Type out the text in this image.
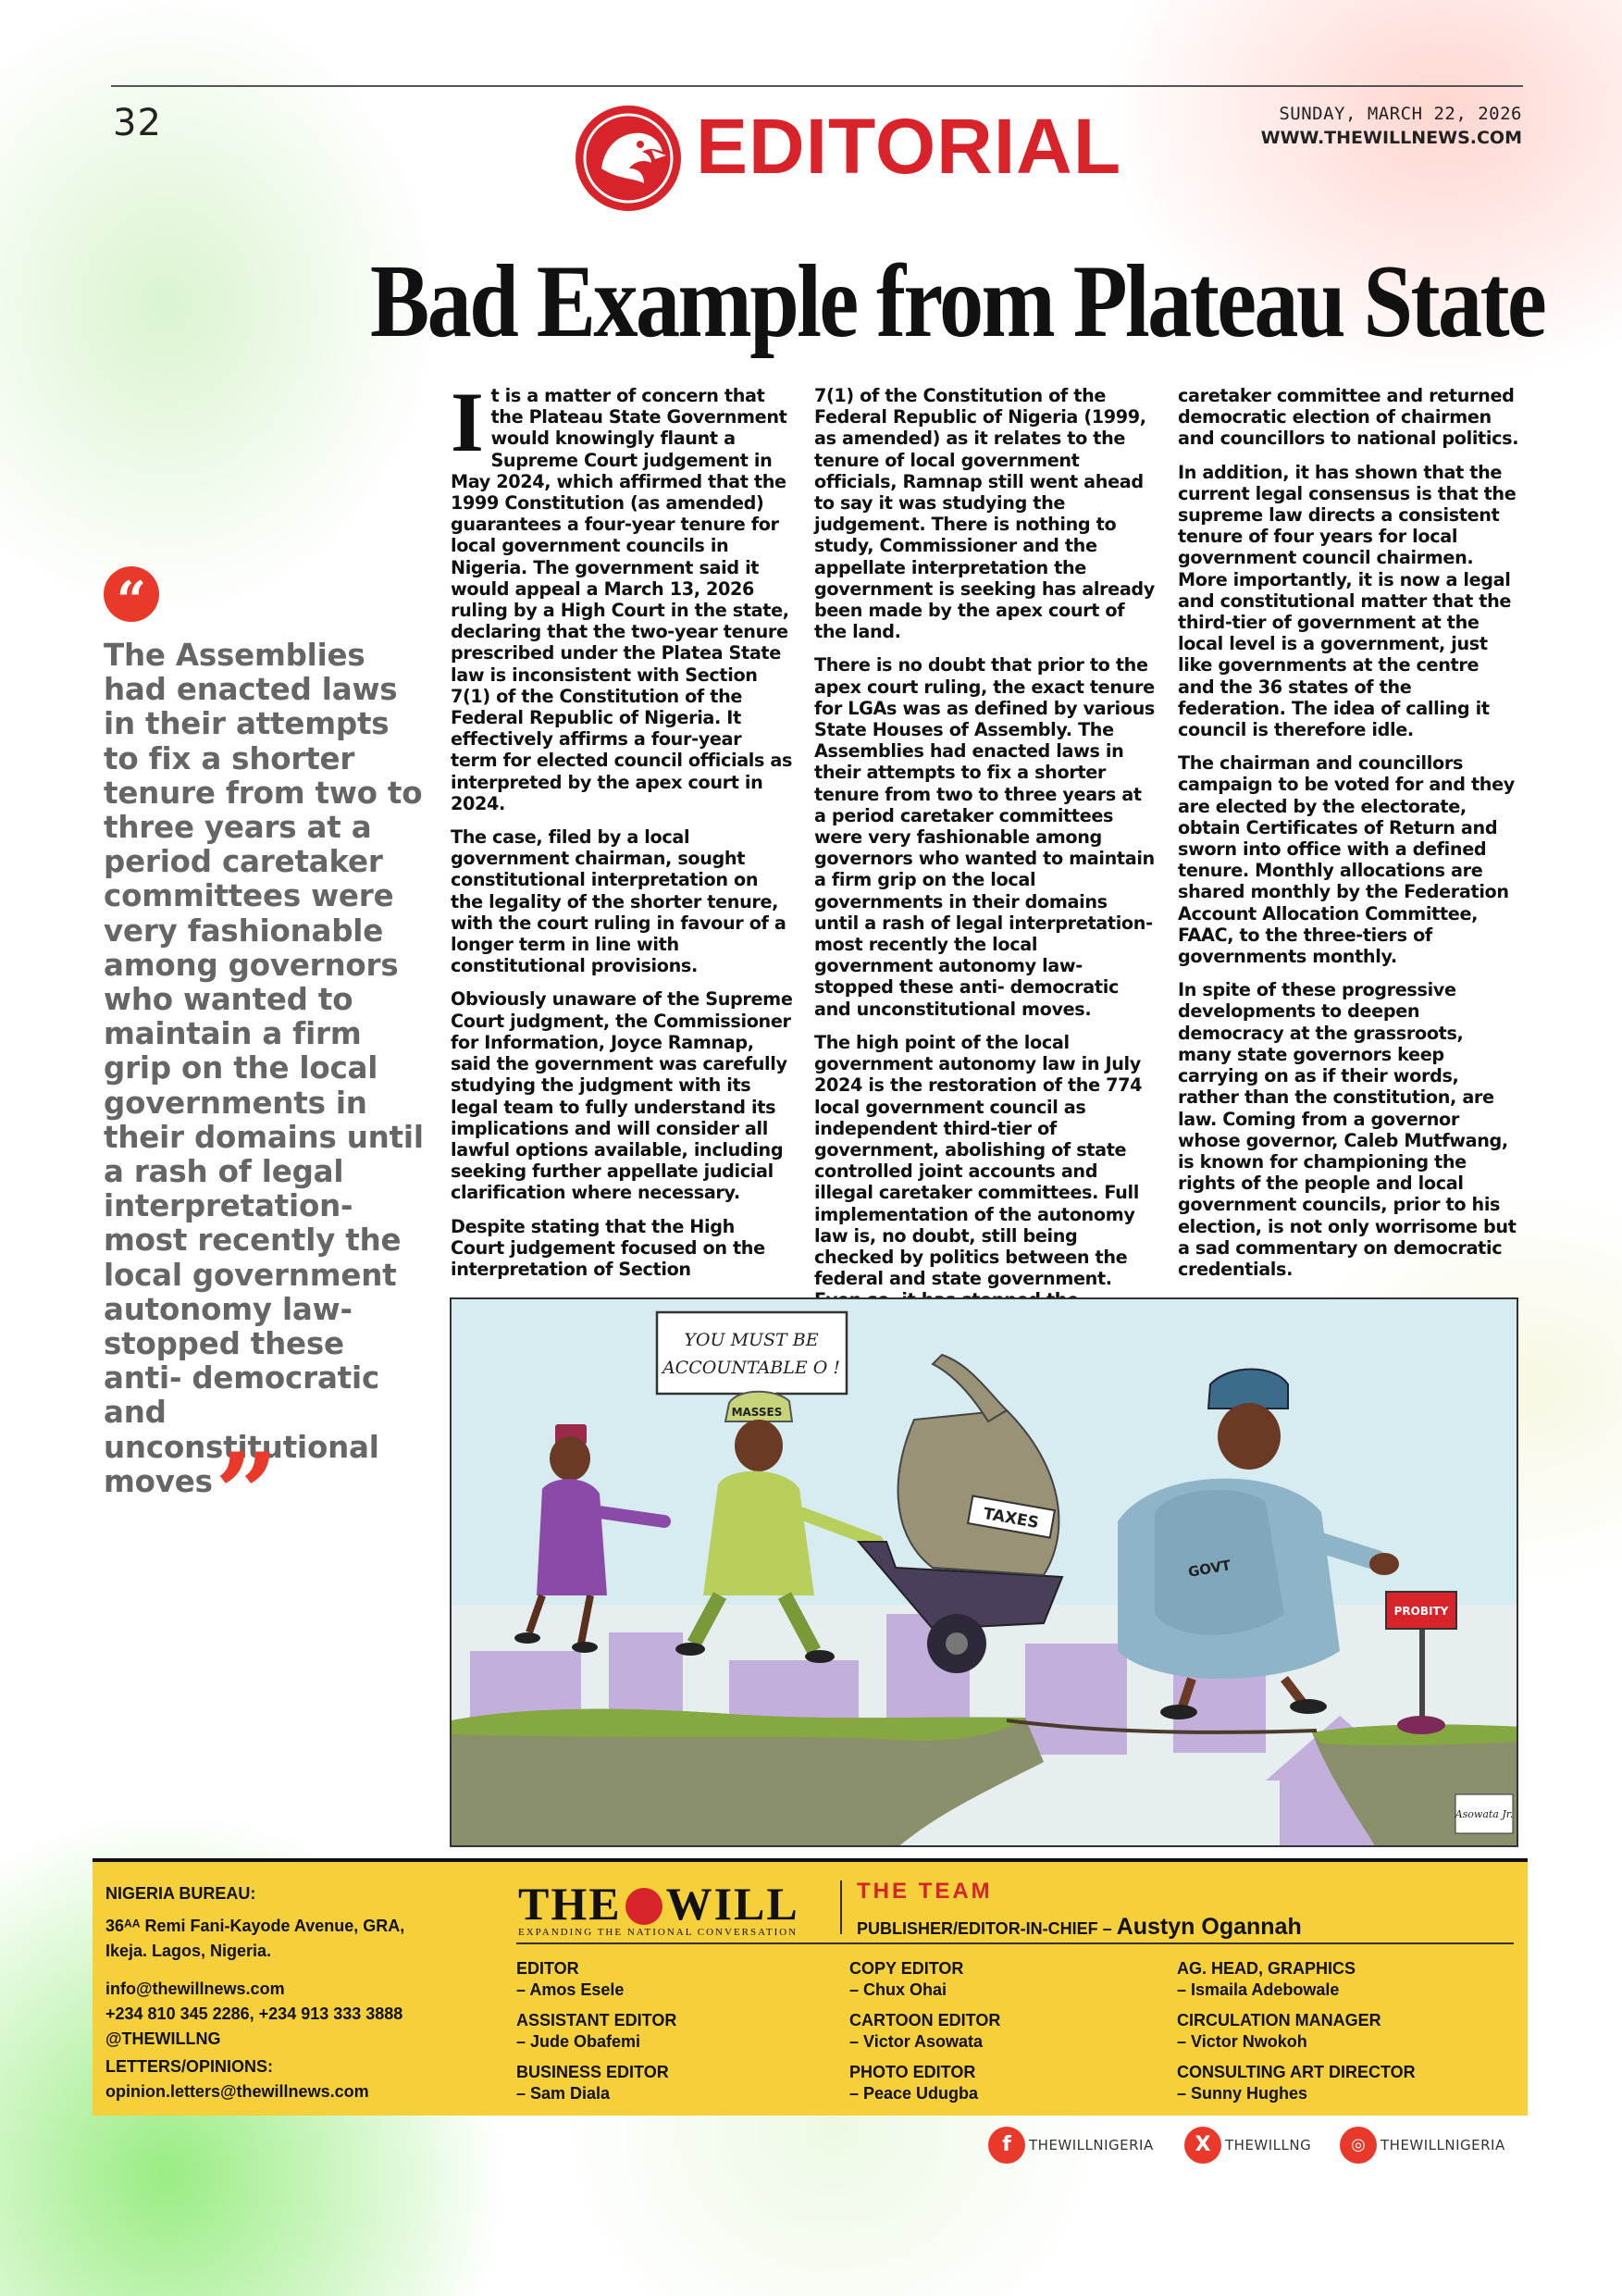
32	SUNDAY, MARCH 22, 2026
WWW.THEWILLNEWS.COM
EDITORIAL
Bad Example from Plateau State
“
The Assemblies had enacted laws in their attempts to fix a shorter tenure from two to three years at a period caretaker committees were very fashionable among governors who wanted to maintain a firm grip on the local governments in their domains until a rash of legal interpretation- most recently the local government autonomy law- stopped these anti- democratic and unconstitutional moves ”

It is a matter of concern that the Plateau State Government would knowingly flaunt a Supreme Court judgement in May 2024, which affirmed that the 1999 Constitution (as amended) guarantees a four-year tenure for local government councils in Nigeria. The government said it would appeal a March 13, 2026 ruling by a High Court in the state, declaring that the two-year tenure prescribed under the Platea State law is inconsistent with Section 7(1) of the Constitution of the Federal Republic of Nigeria. It effectively affirms a four-year term for elected council officials as interpreted by the apex court in 2024.

The case, filed by a local government chairman, sought constitutional interpretation on the legality of the shorter tenure, with the court ruling in favour of a longer term in line with constitutional provisions.

Obviously unaware of the Supreme Court judgment, the Commissioner for Information, Joyce Ramnap, said the government was carefully studying the judgment with its legal team to fully understand its implications and will consider all lawful options available, including seeking further appellate judicial clarification where necessary.

Despite stating that the High Court judgement focused on the interpretation of Section

7(1) of the Constitution of the Federal Republic of Nigeria (1999, as amended) as it relates to the tenure of local government officials, Ramnap still went ahead to say it was studying the judgement. There is nothing to study, Commissioner and the appellate interpretation the government is seeking has already been made by the apex court of the land.

There is no doubt that prior to the apex court ruling, the exact tenure for LGAs was as defined by various State Houses of Assembly. The Assemblies had enacted laws in their attempts to fix a shorter tenure from two to three years at a period caretaker committees were very fashionable among governors who wanted to maintain a firm grip on the local governments in their domains until a rash of legal interpretation- most recently the local government autonomy law- stopped these anti- democratic and unconstitutional moves.

The high point of the local government autonomy law in July 2024 is the restoration of the 774 local government council as independent third-tier of government, abolishing of state controlled joint accounts and illegal caretaker committees. Full implementation of the autonomy law is, no doubt, still being checked by politics between the federal and state government.

caretaker committee and returned democratic election of chairmen and councillors to national politics.

In addition, it has shown that the current legal consensus is that the supreme law directs a consistent tenure of four years for local government council chairmen. More importantly, it is now a legal and constitutional matter that the third-tier of government at the local level is a government, just like governments at the centre and the 36 states of the federation. The idea of calling it council is therefore idle.

The chairman and councillors campaign to be voted for and they are elected by the electorate, obtain Certificates of Return and sworn into office with a defined tenure. Monthly allocations are shared monthly by the Federation Account Allocation Committee, FAAC, to the three-tiers of governments monthly.

In spite of these progressive developments to deepen democracy at the grassroots, many state governors keep carrying on as if their words, rather than the constitution, are law. Coming from a governor whose governor, Caleb Mutfwang, is known for championing the rights of the people and local government councils, prior to his election, is not only worrisome but a sad commentary on democratic credentials.

YOU MUST BE
ACCOUNTABLE O !
MASSES
TAXES
GOVT
PROBITY
Asowata Jr.
NIGERIA BUREAU:
36ᴬᴬ Remi Fani-Kayode Avenue, GRA,
Ikeja. Lagos, Nigeria.
info@thewillnews.com
+234 810 345 2286, +234 913 333 3888
@THEWILLNG
LETTERS/OPINIONS:
opinion.letters@thewillnews.com
THE WILL
EXPANDING THE NATIONAL CONVERSATION
THE TEAM
PUBLISHER/EDITOR-IN-CHIEF – Austyn Ogannah
EDITOR
– Amos Esele
COPY EDITOR
– Chux Ohai
AG. HEAD, GRAPHICS
– Ismaila Adebowale
ASSISTANT EDITOR
– Jude Obafemi
CARTOON EDITOR
– Victor Asowata
CIRCULATION MANAGER
– Victor Nwokoh
BUSINESS EDITOR
– Sam Diala
PHOTO EDITOR
– Peace Udugba
CONSULTING ART DIRECTOR
– Sunny Hughes
f THEWILLNIGERIA	X THEWILLNG	◎ THEWILLNIGERIA
